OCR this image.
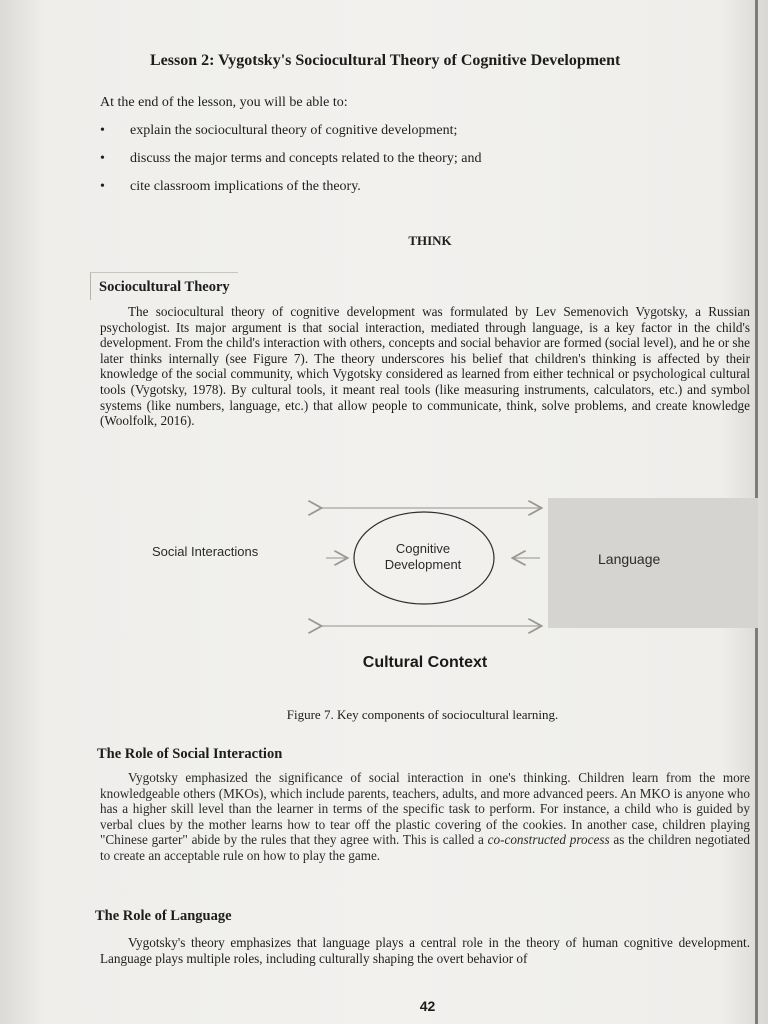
Lesson 2: Vygotsky's Sociocultural Theory of Cognitive Development
At the end of the lesson, you will be able to:
• explain the sociocultural theory of cognitive development;
• discuss the major terms and concepts related to the theory; and
• cite classroom implications of the theory.
THINK
Sociocultural Theory

The sociocultural theory of cognitive development was formulated by Lev Semenovich Vygotsky, a Russian psychologist. Its major argument is that social interaction, mediated through language, is a key factor in the child's development. From the child's interaction with others, concepts and social behavior are formed (social level), and he or she later thinks internally (see Figure 7). The theory underscores his belief that children's thinking is affected by their knowledge of the social community, which Vygotsky considered as learned from either technical or psychological cultural tools (Vygotsky, 1978). By cultural tools, it meant real tools (like measuring instruments, calculators, etc.) and symbol systems (like numbers, language, etc.) that allow people to communicate, think, solve problems, and create knowledge (Woolfolk, 2016).

Social Interactions	Cognitive
Development	Language
Cultural Context
Figure 7. Key components of sociocultural learning.
The Role of Social Interaction

Vygotsky emphasized the significance of social interaction in one's thinking. Children learn from the more knowledgeable others (MKOs), which include parents, teachers, adults, and more advanced peers. An MKO is anyone who has a higher skill level than the learner in terms of the specific task to perform. For instance, a child who is guided by verbal clues by the mother learns how to tear off the plastic covering of the cookies. In another case, children playing "Chinese garter" abide by the rules that they agree with. This is called a co-constructed process as the children negotiated to create an acceptable rule on how to play the game.

The Role of Language

Vygotsky's theory emphasizes that language plays a central role in the theory of human cognitive development. Language plays multiple roles, including culturally shaping the overt behavior of

42
